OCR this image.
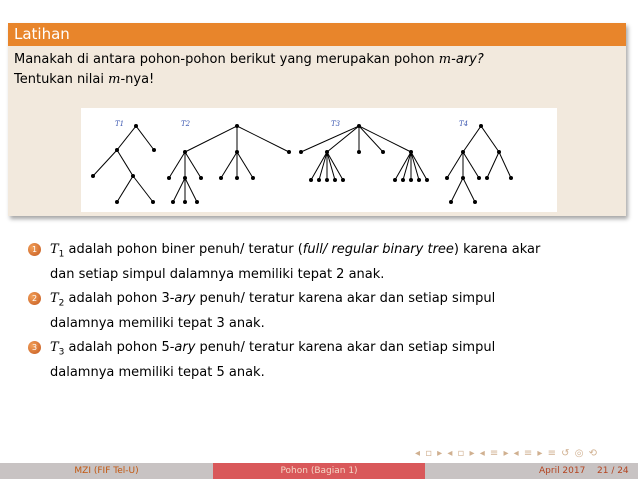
Latihan
Manakah di antara pohon-pohon berikut yang merupakan pohon m-ary?
Tentukan nilai m-nya!
T1	T2	T3	T4
1 $T_1$ adalah pohon biner penuh/ teratur (full/ regular binary tree) karena akar
dan setiap simpul dalamnya memiliki tepat 2 anak.
2 $T_2$ adalah pohon 3-ary penuh/ teratur karena akar dan setiap simpul
dalamnya memiliki tepat 3 anak.
3 $T_3$ adalah pohon 5-ary penuh/ teratur karena akar dan setiap simpul
dalamnya memiliki tepat 5 anak.
◂ ▫ ▸ ◂ ▫ ▸ ◂ ≡ ▸ ◂ ≡ ▸ ≡ ↺ ◎ ⟲
MZI (FIF Tel-U)	Pohon (Bagian 1)	April 2017 21 / 24
